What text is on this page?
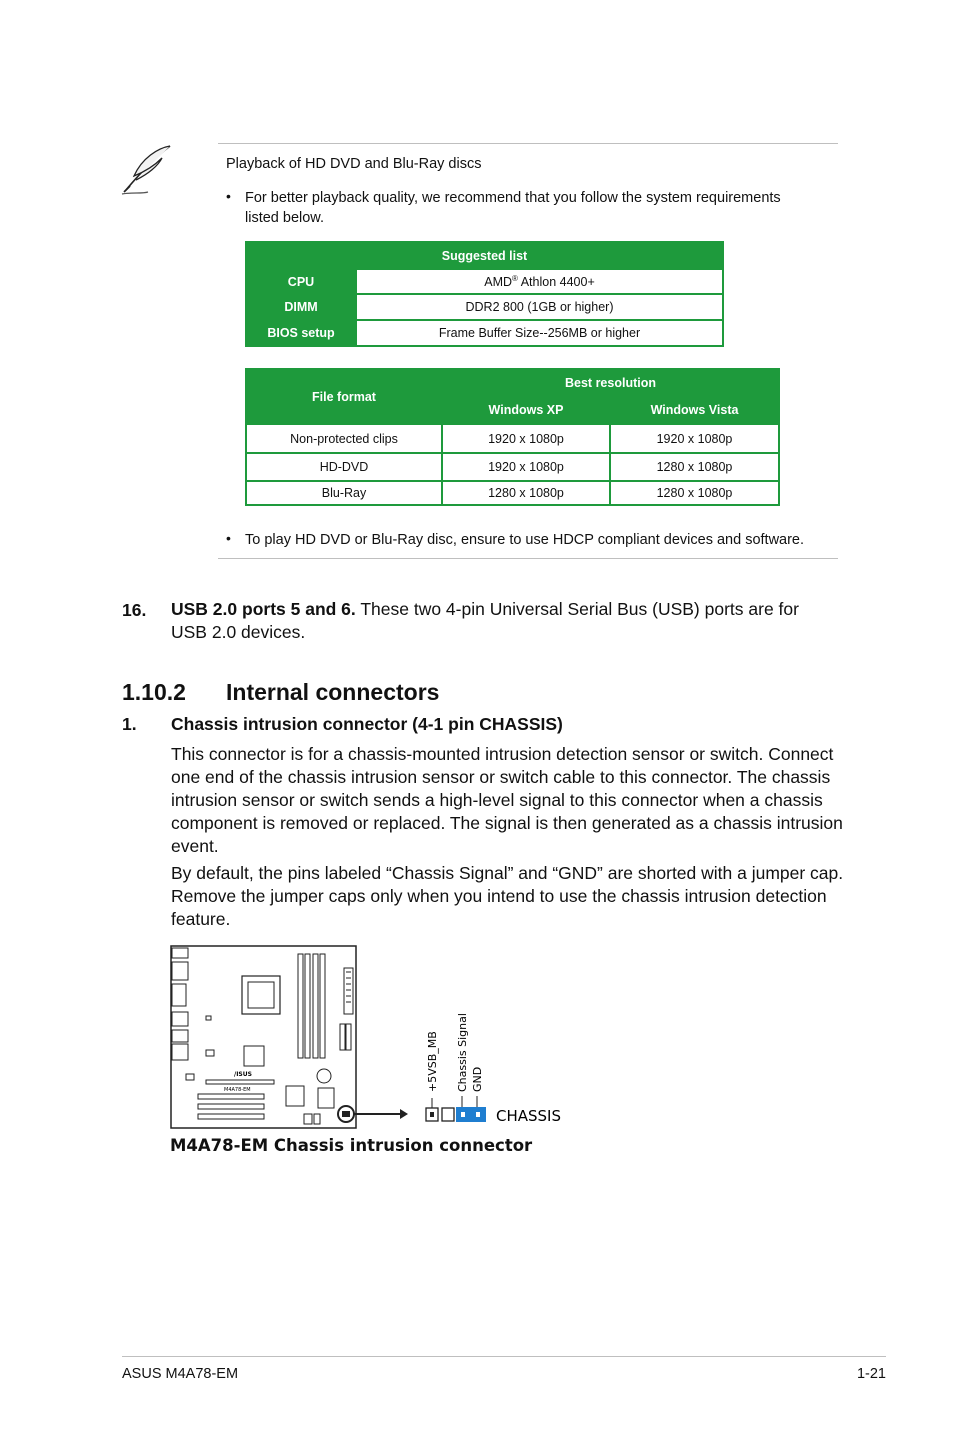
Playback of HD DVD and Blu-Ray discs
• For better playback quality, we recommend that you follow the system requirements
listed below.
Suggested list	
CPU	AMD® Athlon 4400+
DIMM	DDR2 800 (1GB or higher)
BIOS setup	Frame Buffer Size--256MB or higher
File format	Best resolution	
	Windows XP	Windows Vista
Non-protected clips	1920 x 1080p	1920 x 1080p
HD-DVD	1920 x 1080p	1280 x 1080p
Blu-Ray	1280 x 1080p	1280 x 1080p
• To play HD DVD or Blu-Ray disc, ensure to use HDCP compliant devices and software.
16. USB 2.0 ports 5 and 6. These two 4-pin Universal Serial Bus (USB) ports are for
USB 2.0 devices.
1.10.2 Internal connectors
1. Chassis intrusion connector (4-1 pin CHASSIS)
This connector is for a chassis-mounted intrusion detection sensor or switch. Connect
one end of the chassis intrusion sensor or switch cable to this connector. The chassis
intrusion sensor or switch sends a high-level signal to this connector when a chassis
component is removed or replaced. The signal is then generated as a chassis intrusion
event.
By default, the pins labeled “Chassis Signal” and “GND” are shorted with a jumper cap.
Remove the jumper caps only when you intend to use the chassis intrusion detection
feature.
/ISUS
M4A78-EM	+5VSB_MB Chassis Signal GND
CHASSIS
M4A78-EM Chassis intrusion connector
ASUS M4A78-EM	1-21
